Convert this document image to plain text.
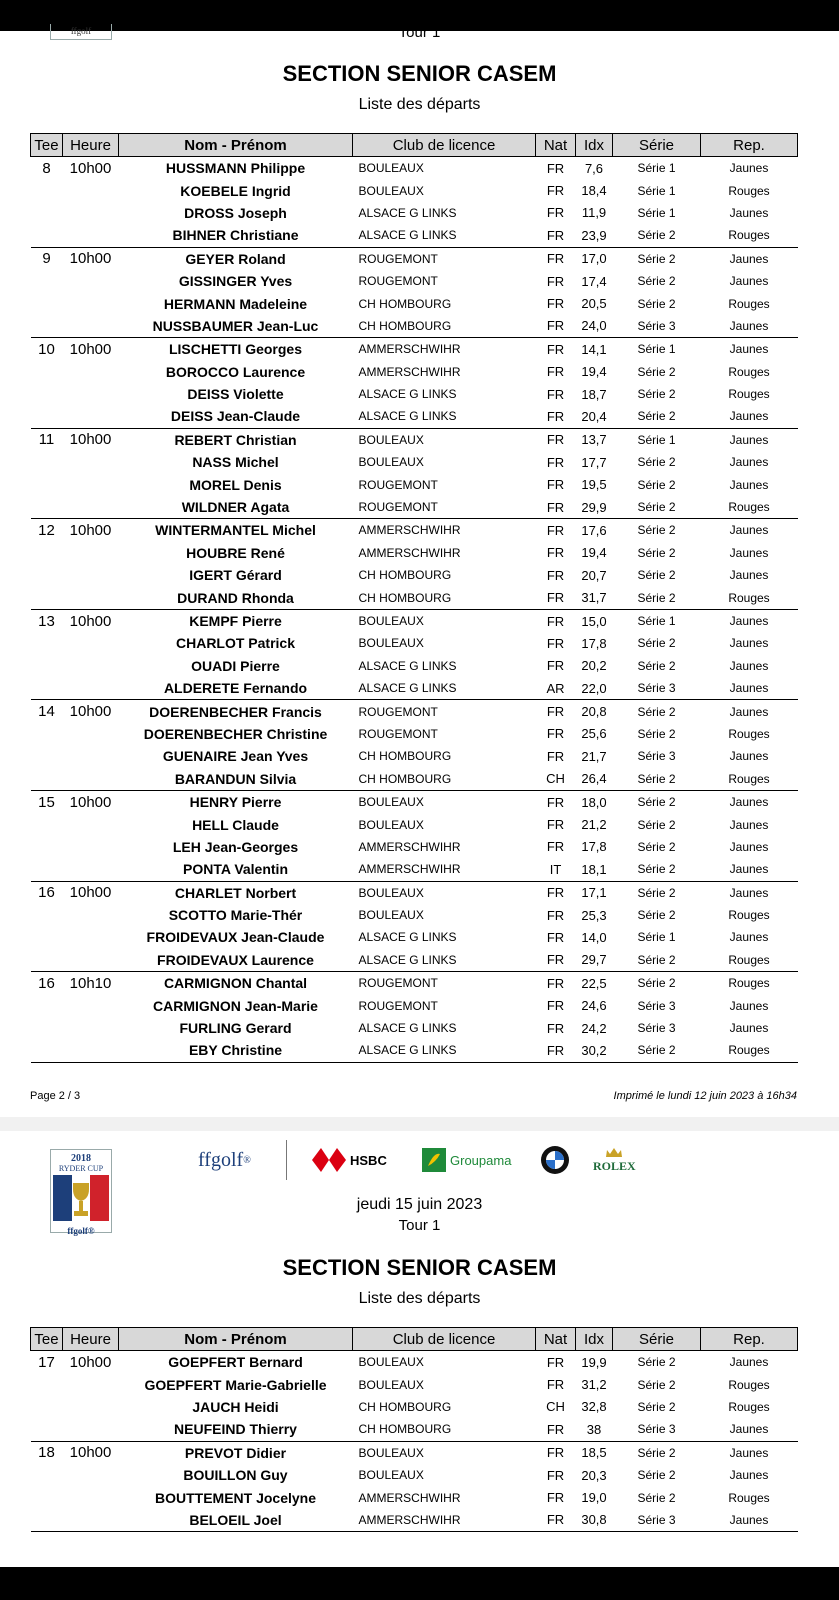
ffgolf	Tour 1
SECTION SENIOR CASEM
Liste des départs
Tee	Heure	Nom - Prénom	Club de licence	Nat	Idx	Série	Rep.
8	10h00	HUSSMANN Philippe	BOULEAUX	FR	7,6	Série 1	Jaunes
		KOEBELE Ingrid	BOULEAUX	FR	18,4	Série 1	Rouges
		DROSS Joseph	ALSACE G LINKS	FR	11,9	Série 1	Jaunes
		BIHNER Christiane	ALSACE G LINKS	FR	23,9	Série 2	Rouges
9	10h00	GEYER Roland	ROUGEMONT	FR	17,0	Série 2	Jaunes
		GISSINGER Yves	ROUGEMONT	FR	17,4	Série 2	Jaunes
		HERMANN Madeleine	CH HOMBOURG	FR	20,5	Série 2	Rouges
		NUSSBAUMER Jean-Luc	CH HOMBOURG	FR	24,0	Série 3	Jaunes
10	10h00	LISCHETTI Georges	AMMERSCHWIHR	FR	14,1	Série 1	Jaunes
		BOROCCO Laurence	AMMERSCHWIHR	FR	19,4	Série 2	Rouges
		DEISS Violette	ALSACE G LINKS	FR	18,7	Série 2	Rouges
		DEISS Jean-Claude	ALSACE G LINKS	FR	20,4	Série 2	Jaunes
11	10h00	REBERT Christian	BOULEAUX	FR	13,7	Série 1	Jaunes
		NASS Michel	BOULEAUX	FR	17,7	Série 2	Jaunes
		MOREL Denis	ROUGEMONT	FR	19,5	Série 2	Jaunes
		WILDNER Agata	ROUGEMONT	FR	29,9	Série 2	Rouges
12	10h00	WINTERMANTEL Michel	AMMERSCHWIHR	FR	17,6	Série 2	Jaunes
		HOUBRE René	AMMERSCHWIHR	FR	19,4	Série 2	Jaunes
		IGERT Gérard	CH HOMBOURG	FR	20,7	Série 2	Jaunes
		DURAND Rhonda	CH HOMBOURG	FR	31,7	Série 2	Rouges
13	10h00	KEMPF Pierre	BOULEAUX	FR	15,0	Série 1	Jaunes
		CHARLOT Patrick	BOULEAUX	FR	17,8	Série 2	Jaunes
		OUADI Pierre	ALSACE G LINKS	FR	20,2	Série 2	Jaunes
		ALDERETE Fernando	ALSACE G LINKS	AR	22,0	Série 3	Jaunes
14	10h00	DOERENBECHER Francis	ROUGEMONT	FR	20,8	Série 2	Jaunes
		DOERENBECHER Christine	ROUGEMONT	FR	25,6	Série 2	Rouges
		GUENAIRE Jean Yves	CH HOMBOURG	FR	21,7	Série 3	Jaunes
		BARANDUN Silvia	CH HOMBOURG	CH	26,4	Série 2	Rouges
15	10h00	HENRY Pierre	BOULEAUX	FR	18,0	Série 2	Jaunes
		HELL Claude	BOULEAUX	FR	21,2	Série 2	Jaunes
		LEH Jean-Georges	AMMERSCHWIHR	FR	17,8	Série 2	Jaunes
		PONTA Valentin	AMMERSCHWIHR	IT	18,1	Série 2	Jaunes
16	10h00	CHARLET Norbert	BOULEAUX	FR	17,1	Série 2	Jaunes
		SCOTTO Marie-Thér	BOULEAUX	FR	25,3	Série 2	Rouges
		FROIDEVAUX Jean-Claude	ALSACE G LINKS	FR	14,0	Série 1	Jaunes
		FROIDEVAUX Laurence	ALSACE G LINKS	FR	29,7	Série 2	Rouges
16	10h10	CARMIGNON Chantal	ROUGEMONT	FR	22,5	Série 2	Rouges
		CARMIGNON Jean-Marie	ROUGEMONT	FR	24,6	Série 3	Jaunes
		FURLING Gerard	ALSACE G LINKS	FR	24,2	Série 3	Jaunes
		EBY Christine	ALSACE G LINKS	FR	30,2	Série 2	Rouges
Page 2 / 3	Imprimé le lundi 12 juin 2023 à 16h34
2018
RYDER CUP
ffgolf®
ffgolf ®	HSBC	Groupama	ROLEX
jeudi 15 juin 2023
Tour 1
SECTION SENIOR CASEM
Liste des départs
Tee	Heure	Nom - Prénom	Club de licence	Nat	Idx	Série	Rep.
17	10h00	GOEPFERT Bernard	BOULEAUX	FR	19,9	Série 2	Jaunes
		GOEPFERT Marie-Gabrielle	BOULEAUX	FR	31,2	Série 2	Rouges
		JAUCH Heidi	CH HOMBOURG	CH	32,8	Série 2	Rouges
		NEUFEIND Thierry	CH HOMBOURG	FR	38	Série 3	Jaunes
18	10h00	PREVOT Didier	BOULEAUX	FR	18,5	Série 2	Jaunes
		BOUILLON Guy	BOULEAUX	FR	20,3	Série 2	Jaunes
		BOUTTEMENT Jocelyne	AMMERSCHWIHR	FR	19,0	Série 2	Rouges
		BELOEIL Joel	AMMERSCHWIHR	FR	30,8	Série 3	Jaunes
